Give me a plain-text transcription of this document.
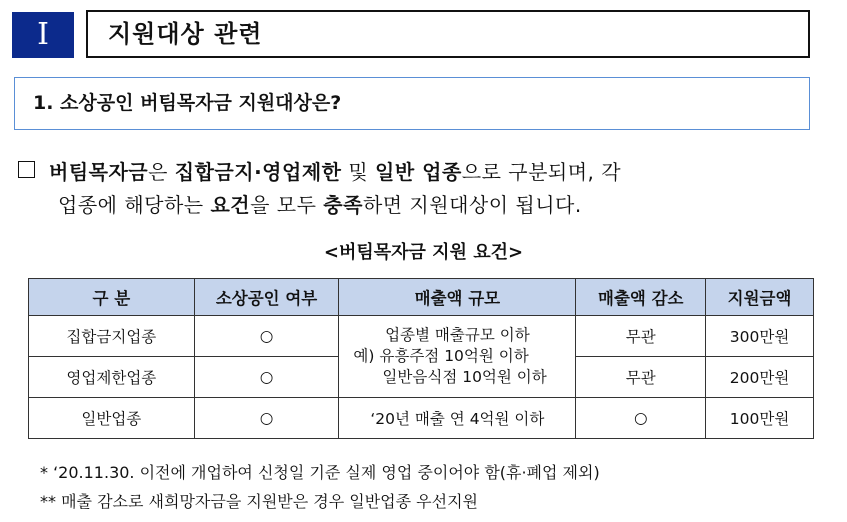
Ⅰ	지원대상 관련
1. 소상공인 버팀목자금 지원대상은?
버팀목자금은 집합금지·영업제한 및 일반 업종으로 구분되며, 각
업종에 해당하는 요건을 모두 충족하면 지원대상이 됩니다.
<버팀목자금 지원 요건>
구 분	소상공인 여부	매출액 규모	매출액 감소	지원금액
집합금지업종	○	업종별 매출규모 이하
예) 유흥주점 10억원 이하
일반음식점 10억원 이하	무관	300만원
영업제한업종	○		무관	200만원
일반업종	○	‘20년 매출 연 4억원 이하	○	100만원
* ‘20.11.30. 이전에 개업하여 신청일 기준 실제 영업 중이어야 함(휴·폐업 제외)
** 매출 감소로 새희망자금을 지원받은 경우 일반업종 우선지원
